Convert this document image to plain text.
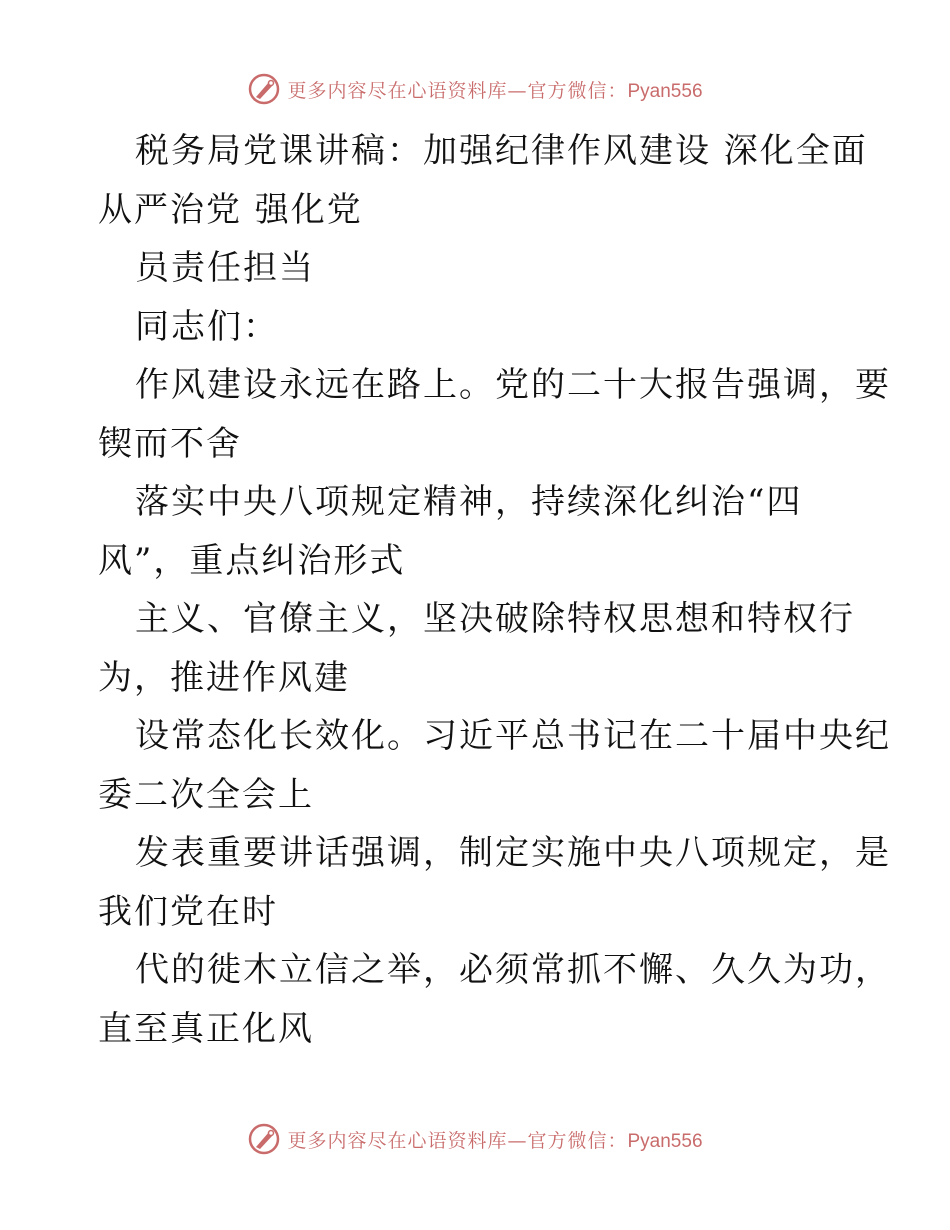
更多内容尽在心语资料库—官方微信：Pyan556
税务局党课讲稿：加强纪律作风建设 深化全面
从严治党 强化党
员责任担当
同志们：
作风建设永远在路上。党的二十大报告强调，要
锲而不舍
落实中央八项规定精神，持续深化纠治“四
风”，重点纠治形式
主义、官僚主义，坚决破除特权思想和特权行
为，推进作风建
设常态化长效化。习近平总书记在二十届中央纪
委二次全会上
发表重要讲话强调，制定实施中央八项规定，是
我们党在时
代的徙木立信之举，必须常抓不懈、久久为功，
直至真正化风
更多内容尽在心语资料库—官方微信：Pyan556
